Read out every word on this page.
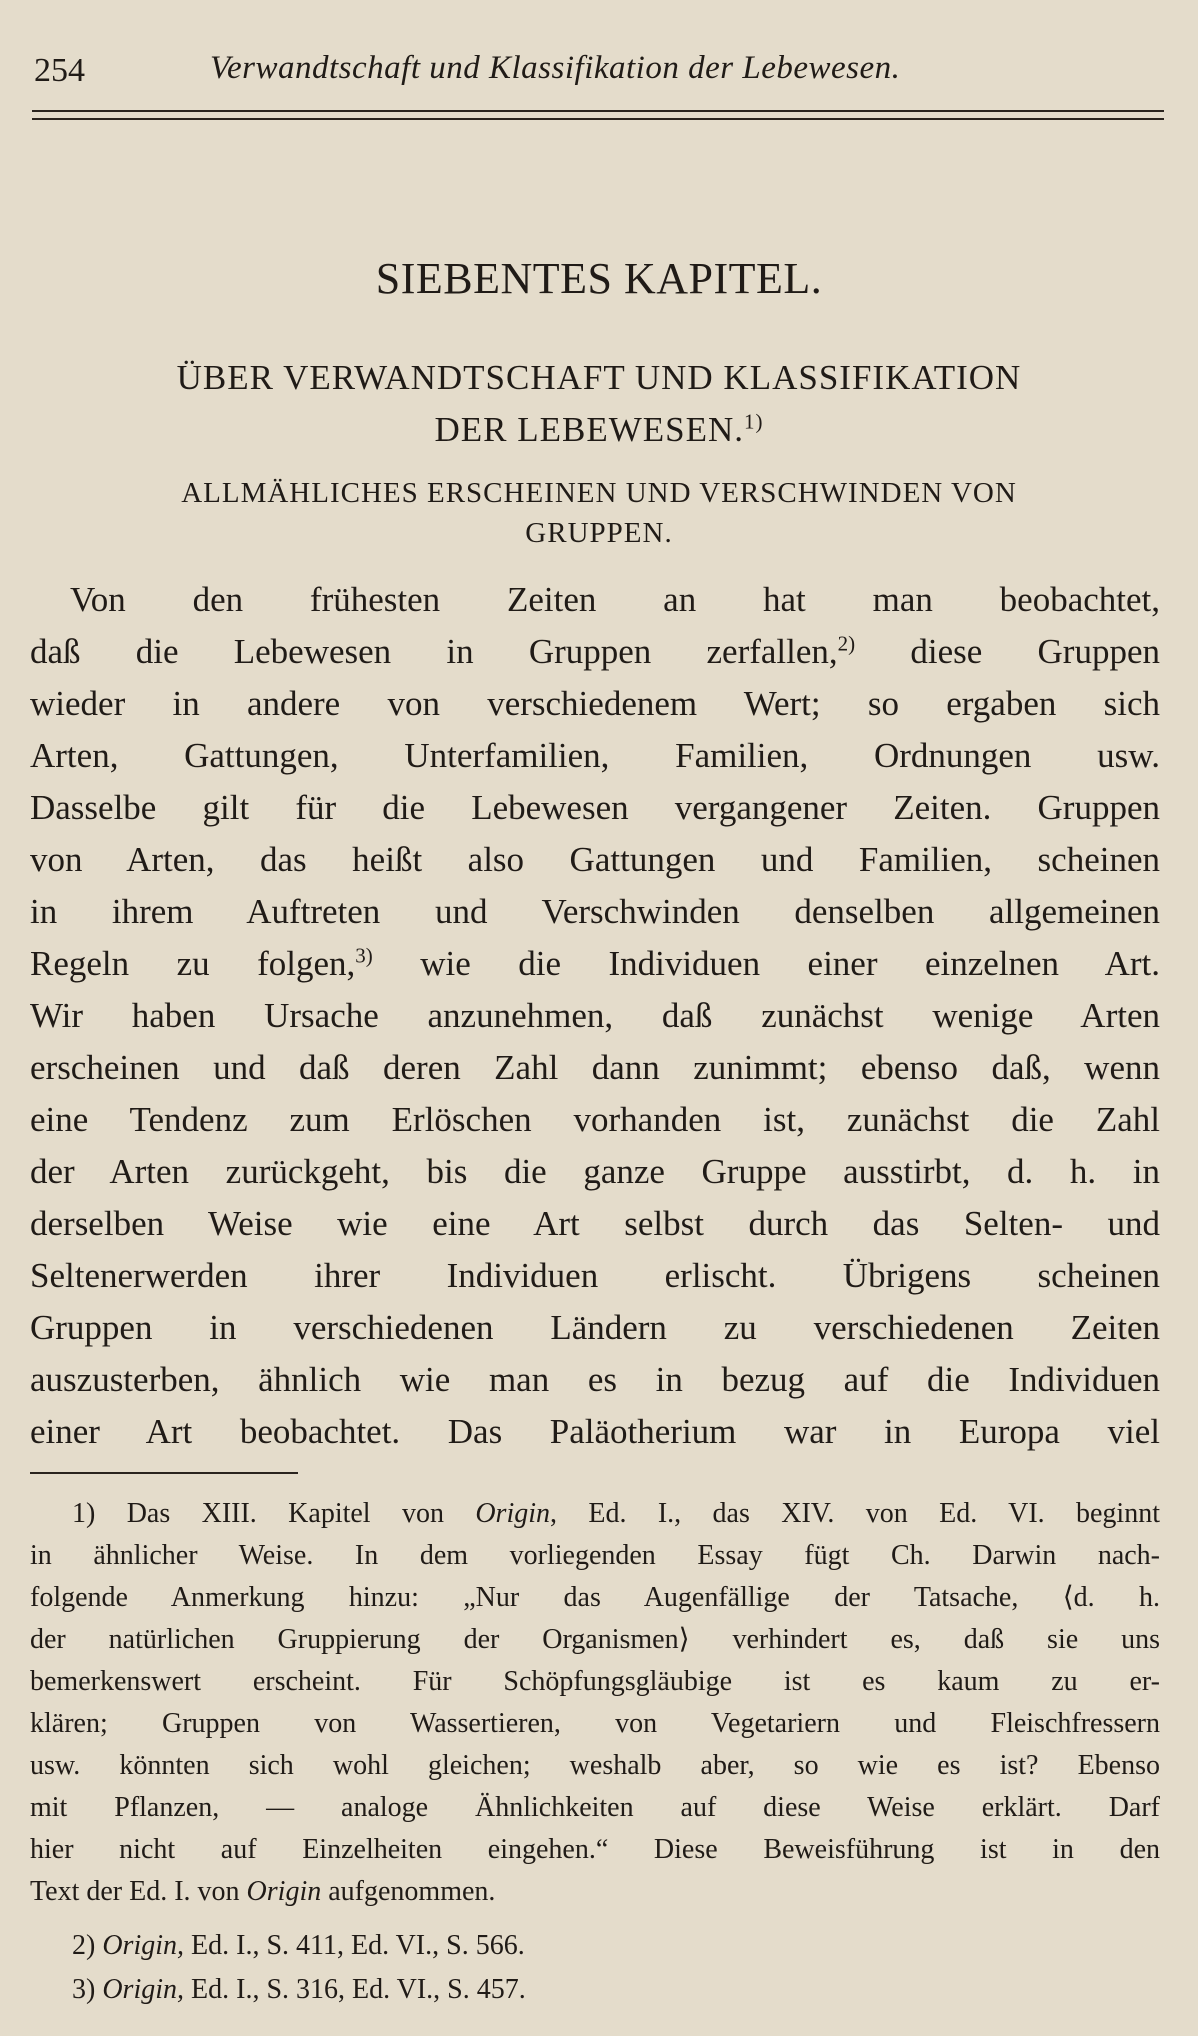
254	Verwandtschaft und Klassifikation der Lebewesen.
SIEBENTES KAPITEL.
ÜBER VERWANDTSCHAFT UND KLASSIFIKATION
DER LEBEWESEN.$^{1)}$
ALLMÄHLICHES ERSCHEINEN UND VERSCHWINDEN VON
GRUPPEN.
Von den frühesten Zeiten an hat man beobachtet,
daß die Lebewesen in Gruppen zerfallen,$^{2)}$ diese Gruppen
wieder in andere von verschiedenem Wert; so ergaben sich
Arten, Gattungen, Unterfamilien, Familien, Ordnungen usw.
Dasselbe gilt für die Lebewesen vergangener Zeiten. Gruppen
von Arten, das heißt also Gattungen und Familien, scheinen
in ihrem Auftreten und Verschwinden denselben allgemeinen
Regeln zu folgen,$^{3)}$ wie die Individuen einer einzelnen Art.
Wir haben Ursache anzunehmen, daß zunächst wenige Arten
erscheinen und daß deren Zahl dann zunimmt; ebenso daß, wenn
eine Tendenz zum Erlöschen vorhanden ist, zunächst die Zahl
der Arten zurückgeht, bis die ganze Gruppe ausstirbt, d. h. in
derselben Weise wie eine Art selbst durch das Selten- und
Seltenerwerden ihrer Individuen erlischt. Übrigens scheinen
Gruppen in verschiedenen Ländern zu verschiedenen Zeiten
auszusterben, ähnlich wie man es in bezug auf die Individuen
einer Art beobachtet. Das Paläotherium war in Europa viel
1) Das XIII. Kapitel von Origin, Ed. I., das XIV. von Ed. VI. beginnt
in ähnlicher Weise. In dem vorliegenden Essay fügt Ch. Darwin nach-
folgende Anmerkung hinzu: „Nur das Augenfällige der Tatsache, ⟨d. h.
der natürlichen Gruppierung der Organismen⟩ verhindert es, daß sie uns
bemerkenswert erscheint. Für Schöpfungsgläubige ist es kaum zu er-
klären; Gruppen von Wassertieren, von Vegetariern und Fleischfressern
usw. könnten sich wohl gleichen; weshalb aber, so wie es ist? Ebenso
mit Pflanzen, — analoge Ähnlichkeiten auf diese Weise erklärt. Darf
hier nicht auf Einzelheiten eingehen.“ Diese Beweisführung ist in den
Text der Ed. I. von Origin aufgenommen.
2) Origin, Ed. I., S. 411, Ed. VI., S. 566.
3) Origin, Ed. I., S. 316, Ed. VI., S. 457.
